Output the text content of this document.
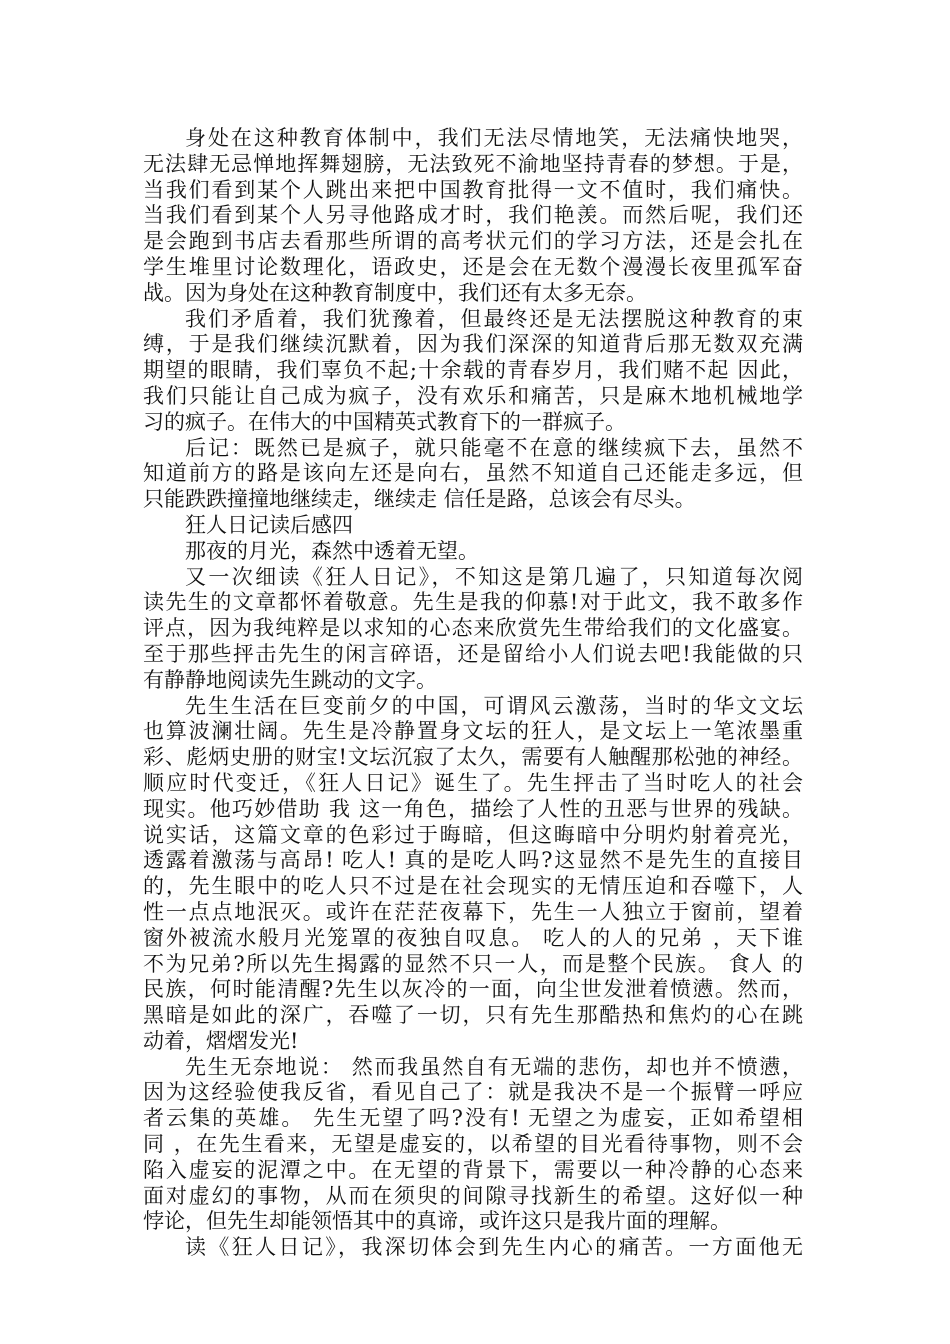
身处在这种教育体制中，我们无法尽情地笑，无法痛快地哭，
无法肆无忌惮地挥舞翅膀，无法致死不渝地坚持青春的梦想。于是，
当我们看到某个人跳出来把中国教育批得一文不值时，我们痛快。
当我们看到某个人另寻他路成才时，我们艳羡。而然后呢，我们还
是会跑到书店去看那些所谓的高考状元们的学习方法，还是会扎在
学生堆里讨论数理化，语政史，还是会在无数个漫漫长夜里孤军奋
战。因为身处在这种教育制度中，我们还有太多无奈。
我们矛盾着，我们犹豫着，但最终还是无法摆脱这种教育的束
缚，于是我们继续沉默着，因为我们深深的知道背后那无数双充满
期望的眼睛，我们辜负不起;十余载的青春岁月，我们赌不起 因此，
我们只能让自己成为疯子，没有欢乐和痛苦，只是麻木地机械地学
习的疯子。在伟大的中国精英式教育下的一群疯子。
后记：既然已是疯子，就只能毫不在意的继续疯下去，虽然不
知道前方的路是该向左还是向右，虽然不知道自己还能走多远，但
只能跌跌撞撞地继续走，继续走 信任是路，总该会有尽头。
狂人日记读后感四
那夜的月光，森然中透着无望。
又一次细读《狂人日记》，不知这是第几遍了，只知道每次阅
读先生的文章都怀着敬意。先生是我的仰慕!对于此文，我不敢多作
评点，因为我纯粹是以求知的心态来欣赏先生带给我们的文化盛宴。
至于那些抨击先生的闲言碎语，还是留给小人们说去吧!我能做的只
有静静地阅读先生跳动的文字。
先生生活在巨变前夕的中国，可谓风云激荡，当时的华文文坛
也算波澜壮阔。先生是冷静置身文坛的狂人，是文坛上一笔浓墨重
彩、彪炳史册的财宝!文坛沉寂了太久，需要有人触醒那松弛的神经。
顺应时代变迁，《狂人日记》诞生了。先生抨击了当时吃人的社会
现实。他巧妙借助 我 这一角色，描绘了人性的丑恶与世界的残缺。
说实话，这篇文章的色彩过于晦暗，但这晦暗中分明灼射着亮光，
透露着激荡与高昂! 吃人! 真的是吃人吗?这显然不是先生的直接目
的，先生眼中的吃人只不过是在社会现实的无情压迫和吞噬下，人
性一点点地泯灭。或许在茫茫夜幕下，先生一人独立于窗前，望着
窗外被流水般月光笼罩的夜独自叹息。 吃人的人的兄弟 ，天下谁
不为兄弟?所以先生揭露的显然不只一人，而是整个民族。 食人 的
民族，何时能清醒?先生以灰冷的一面，向尘世发泄着愤懑。然而，
黑暗是如此的深广，吞噬了一切，只有先生那酷热和焦灼的心在跳
动着，熠熠发光!
先生无奈地说： 然而我虽然自有无端的悲伤，却也并不愤懑，
因为这经验使我反省，看见自己了：就是我决不是一个振臂一呼应
者云集的英雄。 先生无望了吗?没有! 无望之为虚妄，正如希望相
同 ，在先生看来，无望是虚妄的，以希望的目光看待事物，则不会
陷入虚妄的泥潭之中。在无望的背景下，需要以一种冷静的心态来
面对虚幻的事物，从而在须臾的间隙寻找新生的希望。这好似一种
悖论，但先生却能领悟其中的真谛，或许这只是我片面的理解。
读《狂人日记》，我深切体会到先生内心的痛苦。一方面他无
